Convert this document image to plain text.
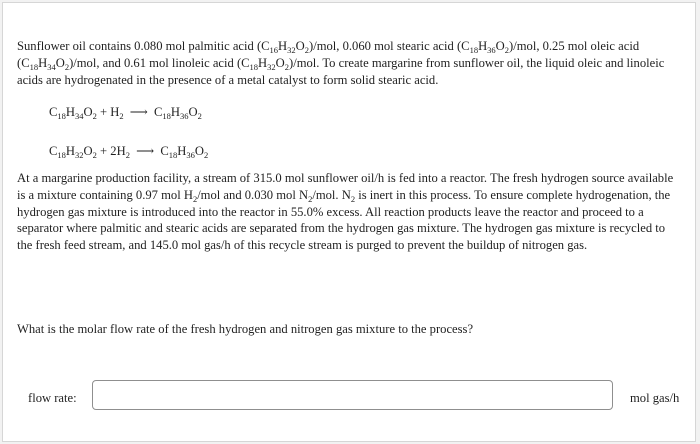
Sunflower oil contains 0.080 mol palmitic acid $(C_{16}H_{32}O_2)$/mol, 0.060 mol stearic acid $(C_{18}H_{36}O_2)$/mol, 0.25 mol oleic acid $(C_{18}H_{34}O_2)$/mol, and 0.61 mol linoleic acid $(C_{18}H_{32}O_2)$/mol. To create margarine from sunflower oil, the liquid oleic and linoleic acids are hydrogenated in the presence of a metal catalyst to form solid stearic acid.

$C_{18}H_{34}O_2 + H_2$ ⟶ $C_{18}H_{36}O_2$
$C_{18}H_{32}O_2 + 2H_2$ ⟶ $C_{18}H_{36}O_2$

At a margarine production facility, a stream of 315.0 mol sunflower oil/h is fed into a reactor. The fresh hydrogen source available is a mixture containing 0.97 mol $H_2$/mol and 0.030 mol $N_2$/mol. $N_2$ is inert in this process. To ensure complete hydrogenation, the hydrogen gas mixture is introduced into the reactor in 55.0% excess. All reaction products leave the reactor and proceed to a separator where palmitic and stearic acids are separated from the hydrogen gas mixture. The hydrogen gas mixture is recycled to the fresh feed stream, and 145.0 mol gas/h of this recycle stream is purged to prevent the buildup of nitrogen gas.

What is the molar flow rate of the fresh hydrogen and nitrogen gas mixture to the process?

flow rate:	mol gas/h
